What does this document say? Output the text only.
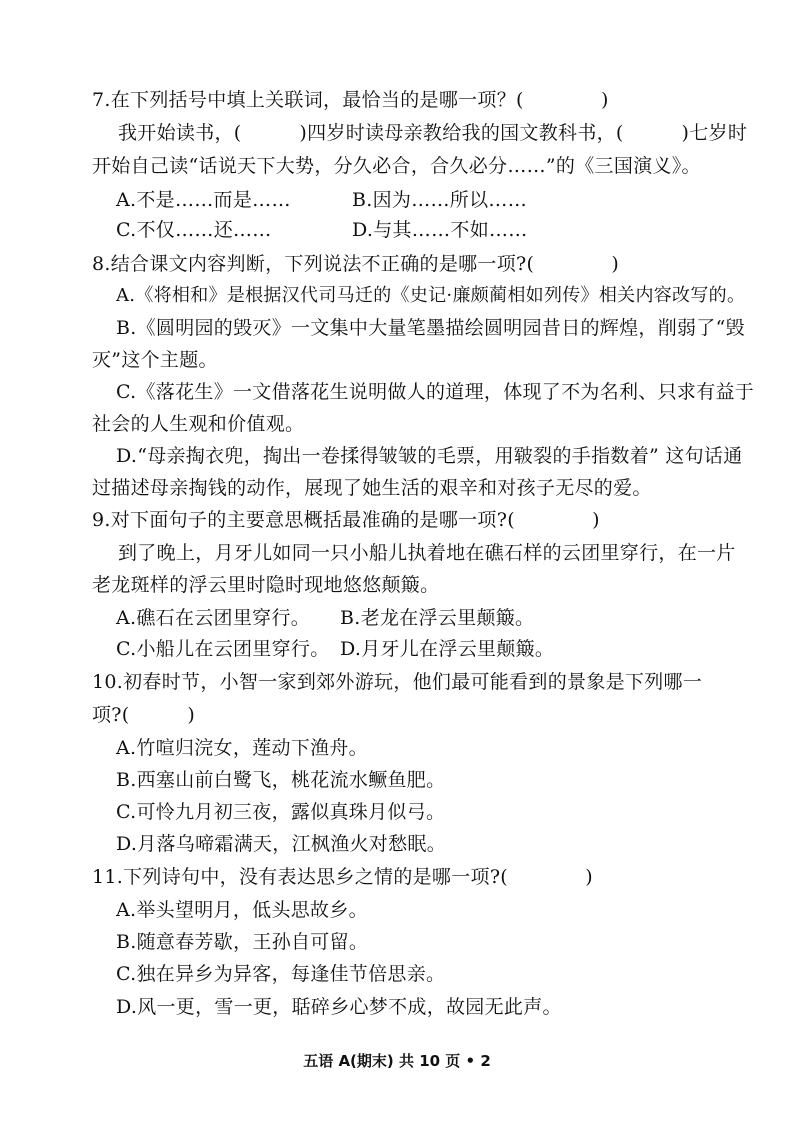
7.在下列括号中填上关联词，最恰当的是哪一项？(　　　　)
我开始读书，(　　　)四岁时读母亲教给我的国文教科书，(　　　)七岁时
开始自己读“话说天下大势，分久必合，合久必分……”的《三国演义》。
A.不是……而是……	B.因为……所以……
C.不仅……还……	D.与其……不如……
8.结合课文内容判断，下列说法不正确的是哪一项?(　　　　)
A.《将相和》是根据汉代司马迁的《史记·廉颇蔺相如列传》相关内容改写的。
B.《圆明园的毁灭》一文集中大量笔墨描绘圆明园昔日的辉煌，削弱了“毁
灭”这个主题。
C.《落花生》一文借落花生说明做人的道理，体现了不为名利、只求有益于
社会的人生观和价值观。
D.“母亲掏衣兜，掏出一卷揉得皱皱的毛票，用皲裂的手指数着” 这句话通
过描述母亲掏钱的动作，展现了她生活的艰辛和对孩子无尽的爱。
9.对下面句子的主要意思概括最准确的是哪一项?(　　　　)
到了晚上，月牙儿如同一只小船儿执着地在礁石样的云团里穿行，在一片
老龙斑样的浮云里时隐时现地悠悠颠簸。
A.礁石在云团里穿行。 B.老龙在浮云里颠簸。
C.小船儿在云团里穿行。 D.月牙儿在浮云里颠簸。
10.初春时节，小智一家到郊外游玩，他们最可能看到的景象是下列哪一
项?(　　　)
A.竹喧归浣女，莲动下渔舟。
B.西塞山前白鹭飞，桃花流水鳜鱼肥。
C.可怜九月初三夜，露似真珠月似弓。
D.月落乌啼霜满天，江枫渔火对愁眠。
11.下列诗句中，没有表达思乡之情的是哪一项?(　　　　)
A.举头望明月，低头思故乡。
B.随意春芳歇，王孙自可留。
C.独在异乡为异客，每逢佳节倍思亲。
D.风一更，雪一更，聒碎乡心梦不成，故园无此声。
五语 A(期末) 共 10 页 • 2
